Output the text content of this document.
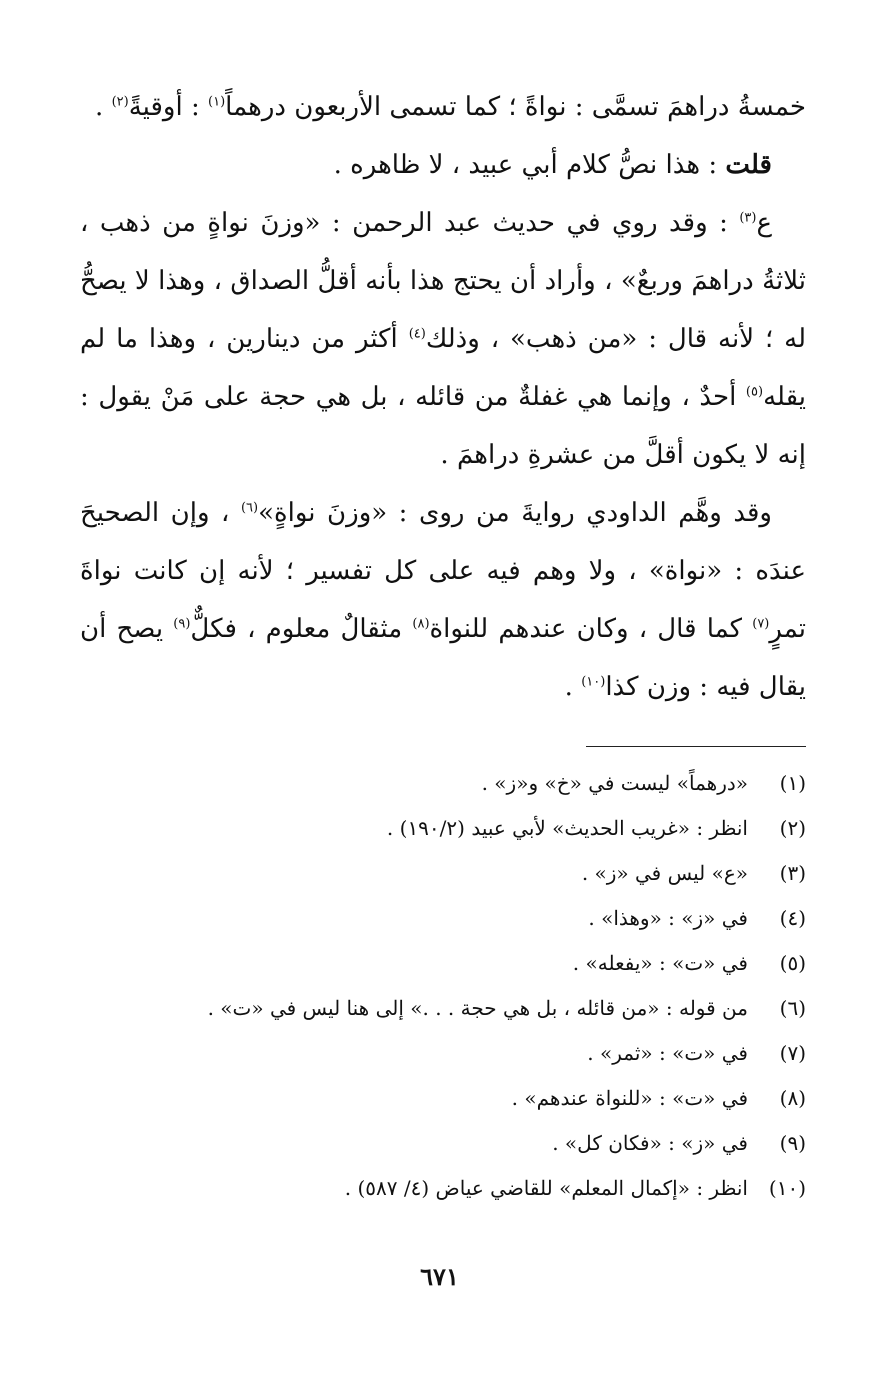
خمسةُ دراهمَ تسمَّى : نواةً ؛ كما تسمى الأربعون درهماً$^{(١)}$ : أوقيةً$^{(٢)}$ .

قلت : هذا نصُّ كلام أبي عبيد ، لا ظاهره .

ع$^{(٣)}$ : وقد روي في حديث عبد الرحمن : «وزنَ نواةٍ من ذهب ، ثلاثةُ دراهمَ وربعٌ» ، وأراد أن يحتج هذا بأنه أقلُّ الصداق ، وهذا لا يصحُّ له ؛ لأنه قال : «من ذهب» ، وذلك$^{(٤)}$ أكثر من دينارين ، وهذا ما لم يقله$^{(٥)}$ أحدٌ ، وإنما هي غفلةٌ من قائله ، بل هي حجة على مَنْ يقول : إنه لا يكون أقلَّ من عشرةِ دراهمَ .

وقد وهَّم الداودي روايةَ من روى : «وزنَ نواةٍ»$^{(٦)}$ ، وإن الصحيحَ عندَه : «نواة» ، ولا وهم فيه على كل تفسير ؛ لأنه إن كانت نواةَ تمرٍ$^{(٧)}$ كما قال ، وكان عندهم للنواة$^{(٨)}$ مثقالٌ معلوم ، فكلٌّ$^{(٩)}$ يصح أن يقال فيه : وزن كذا$^{(١٠)}$ .

(١)
«درهماً» ليست في «خ» و«ز» .
(٢)
انظر : «غريب الحديث» لأبي عبيد (١٩٠/٢) .
(٣)
«ع» ليس في «ز» .
(٤)
في «ز» : «وهذا» .
(٥)
في «ت» : «يفعله» .
(٦)
من قوله : «من قائله ، بل هي حجة . . .» إلى هنا ليس في «ت» .
(٧)
في «ت» : «ثمر» .
(٨)
في «ت» : «للنواة عندهم» .
(٩)
في «ز» : «فكان كل» .
(١٠)
انظر : «إكمال المعلم» للقاضي عياض (٤/ ٥٨٧) .
٦٧١
